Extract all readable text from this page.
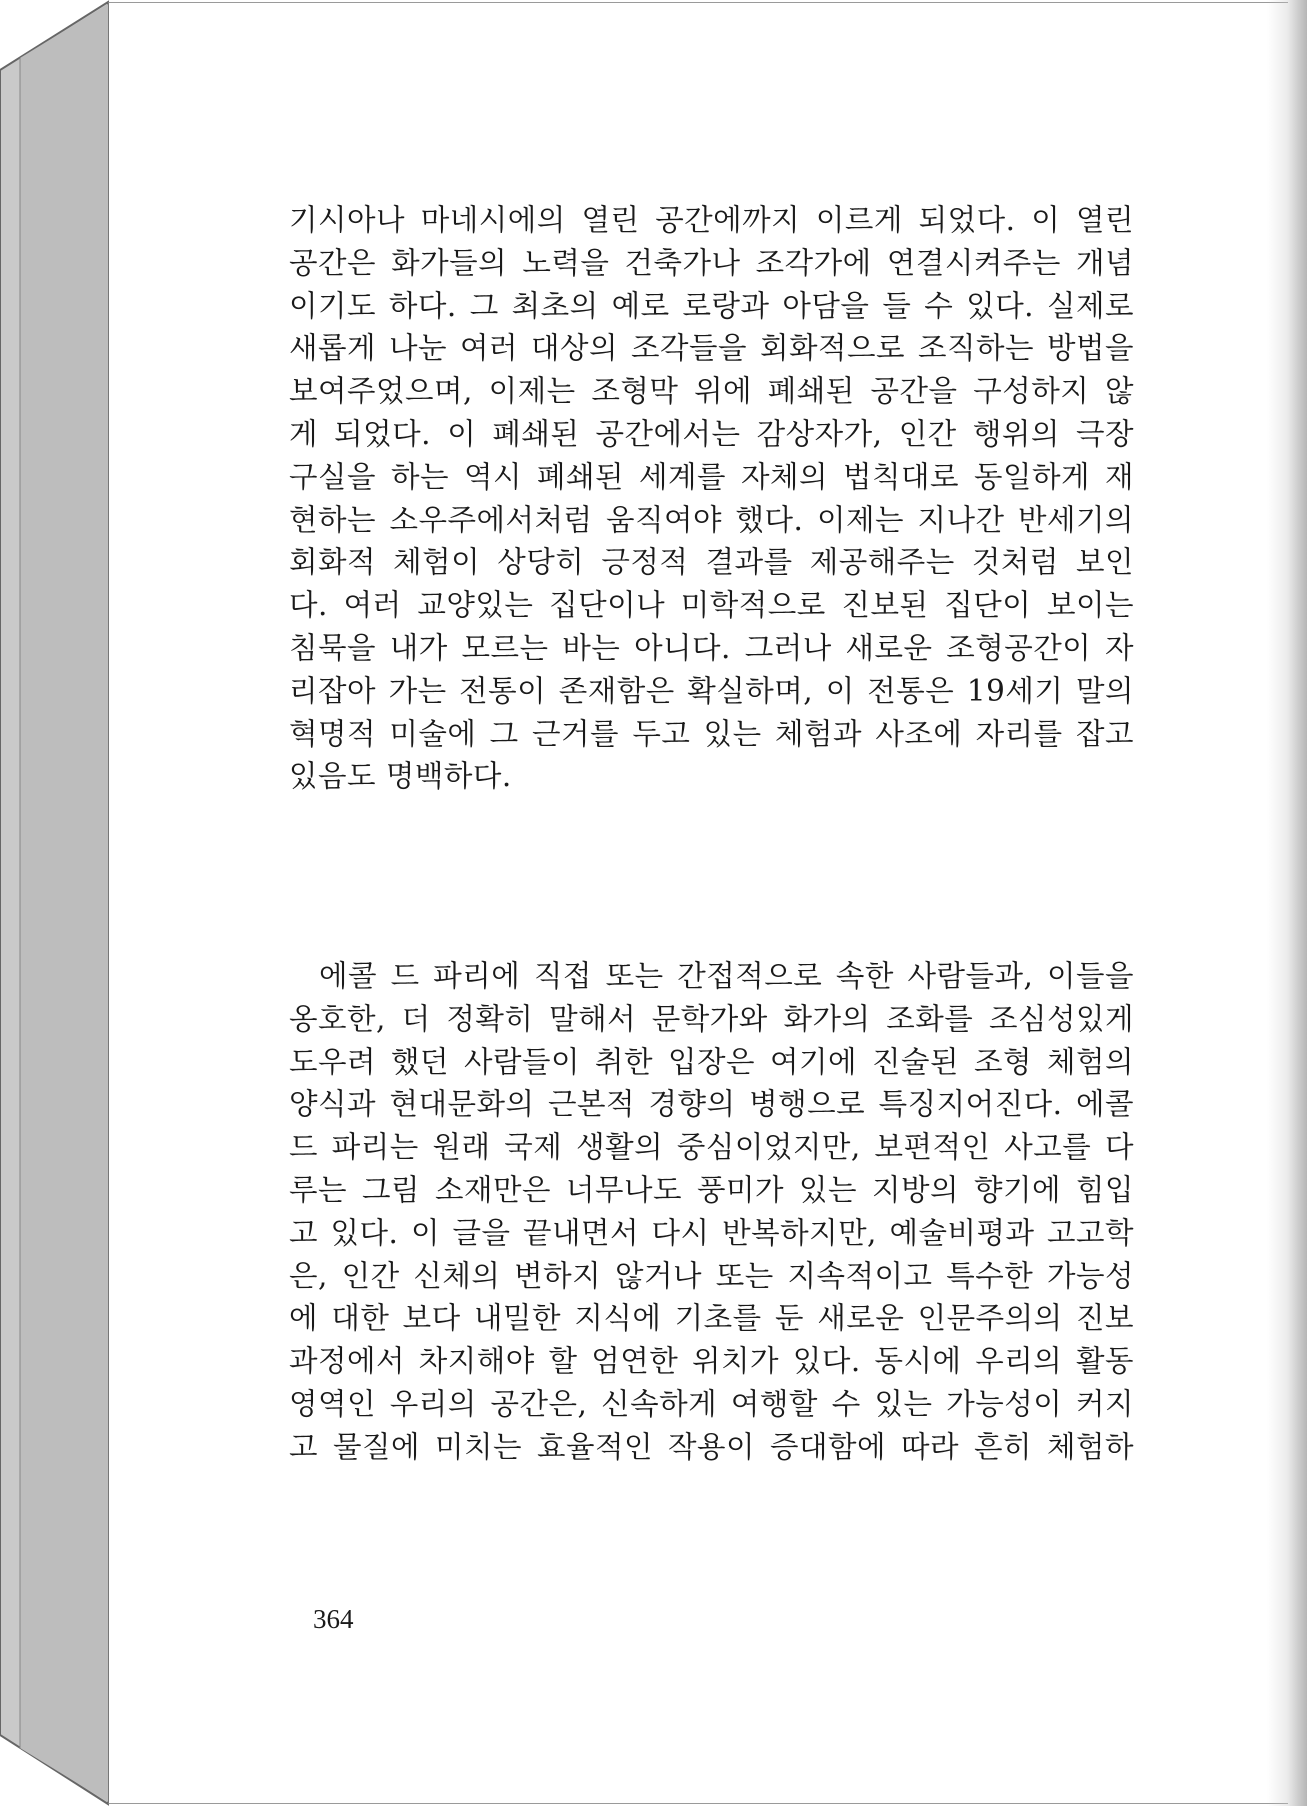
기시아나 마네시에의 열린 공간에까지 이르게 되었다. 이 열린
공간은 화가들의 노력을 건축가나 조각가에 연결시켜주는 개념
이기도 하다. 그 최초의 예로 로랑과 아담을 들 수 있다. 실제로
새롭게 나눈 여러 대상의 조각들을 회화적으로 조직하는 방법을
보여주었으며, 이제는 조형막 위에 폐쇄된 공간을 구성하지 않
게 되었다. 이 폐쇄된 공간에서는 감상자가, 인간 행위의 극장
구실을 하는 역시 폐쇄된 세계를 자체의 법칙대로 동일하게 재
현하는 소우주에서처럼 움직여야 했다. 이제는 지나간 반세기의
회화적 체험이 상당히 긍정적 결과를 제공해주는 것처럼 보인
다. 여러 교양있는 집단이나 미학적으로 진보된 집단이 보이는
침묵을 내가 모르는 바는 아니다. 그러나 새로운 조형공간이 자
리잡아 가는 전통이 존재함은 확실하며, 이 전통은 19세기 말의
혁명적 미술에 그 근거를 두고 있는 체험과 사조에 자리를 잡고
있음도 명백하다.
에콜 드 파리에 직접 또는 간접적으로 속한 사람들과, 이들을
옹호한, 더 정확히 말해서 문학가와 화가의 조화를 조심성있게
도우려 했던 사람들이 취한 입장은 여기에 진술된 조형 체험의
양식과 현대문화의 근본적 경향의 병행으로 특징지어진다. 에콜
드 파리는 원래 국제 생활의 중심이었지만, 보편적인 사고를 다
루는 그림 소재만은 너무나도 풍미가 있는 지방의 향기에 힘입
고 있다. 이 글을 끝내면서 다시 반복하지만, 예술비평과 고고학
은, 인간 신체의 변하지 않거나 또는 지속적이고 특수한 가능성
에 대한 보다 내밀한 지식에 기초를 둔 새로운 인문주의의 진보
과정에서 차지해야 할 엄연한 위치가 있다. 동시에 우리의 활동
영역인 우리의 공간은, 신속하게 여행할 수 있는 가능성이 커지
고 물질에 미치는 효율적인 작용이 증대함에 따라 흔히 체험하
364
